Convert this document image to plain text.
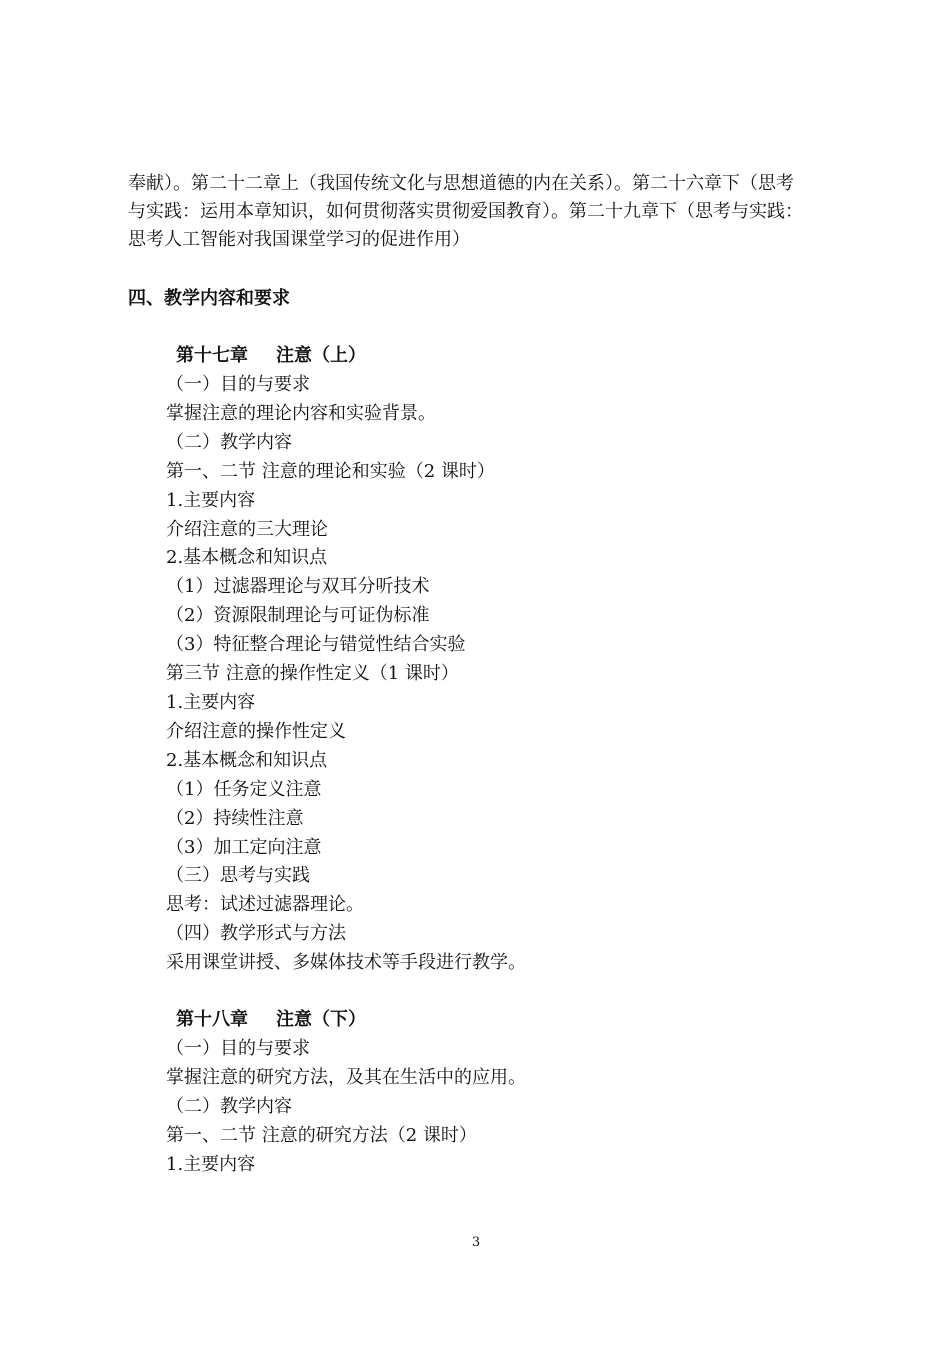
奉献）。第二十二章上（我国传统文化与思想道德的内在关系）。第二十六章下（思考
与实践：运用本章知识，如何贯彻落实贯彻爱国教育）。第二十九章下（思考与实践：
思考人工智能对我国课堂学习的促进作用）
四、教学内容和要求
第十七章 注意（上）
（一）目的与要求
掌握注意的理论内容和实验背景。
（二）教学内容
第一、二节 注意的理论和实验（2 课时）
1.主要内容
介绍注意的三大理论
2.基本概念和知识点
（1）过滤器理论与双耳分听技术
（2）资源限制理论与可证伪标准
（3）特征整合理论与错觉性结合实验
第三节 注意的操作性定义（1 课时）
1.主要内容
介绍注意的操作性定义
2.基本概念和知识点
（1）任务定义注意
（2）持续性注意
（3）加工定向注意
（三）思考与实践
思考：试述过滤器理论。
（四）教学形式与方法
采用课堂讲授、多媒体技术等手段进行教学。
第十八章 注意（下）
（一）目的与要求
掌握注意的研究方法，及其在生活中的应用。
（二）教学内容
第一、二节 注意的研究方法（2 课时）
1.主要内容
3
